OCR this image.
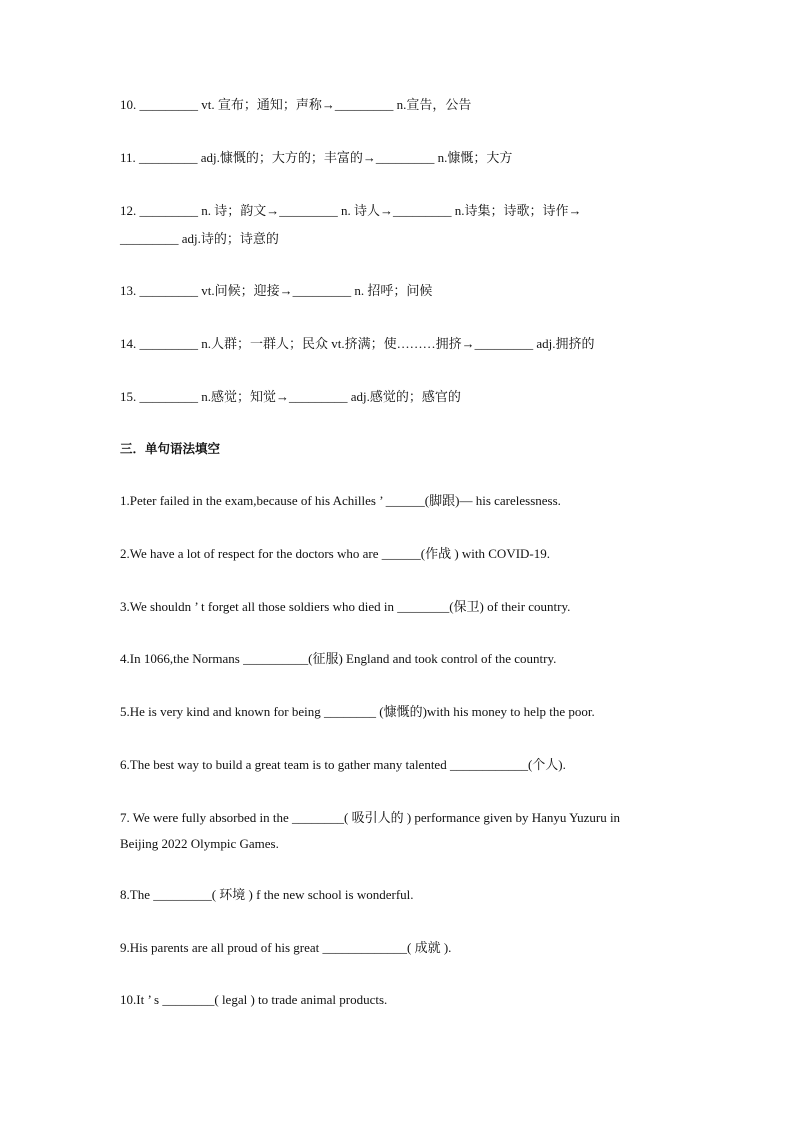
10. _________ vt. 宣布；通知；声称→_________ n.宣告，公告
11. _________ adj.慷慨的；大方的；丰富的→_________ n.慷慨；大方
12. _________ n. 诗；韵文→_________ n. 诗人→_________ n.诗集；诗歌；诗作→
_________ adj.诗的；诗意的
13. _________ vt.问候；迎接→_________ n. 招呼；问候
14. _________ n.人群；一群人；民众 vt.挤满；使………拥挤→_________ adj.拥挤的
15. _________ n.感觉；知觉→_________ adj.感觉的；感官的
三．单句语法填空
1.Peter failed in the exam,because of his Achilles ’ ______(脚跟)— his carelessness.
2.We have a lot of respect for the doctors who are ______(作战 ) with COVID-19.
3.We shouldn ’ t forget all those soldiers who died in ________(保卫) of their country.
4.In 1066,the Normans __________(征服) England and took control of the country.
5.He is very kind and known for being ________ (慷慨的)with his money to help the poor.
6.The best way to build a great team is to gather many talented ____________(个人).
7. We were fully absorbed in the ________( 吸引人的 ) performance given by Hanyu Yuzuru in
Beijing 2022 Olympic Games.
8.The _________( 环境 ) f the new school is wonderful.
9.His parents are all proud of his great _____________( 成就 ).
10.It ’ s ________( legal ) to trade animal products.
